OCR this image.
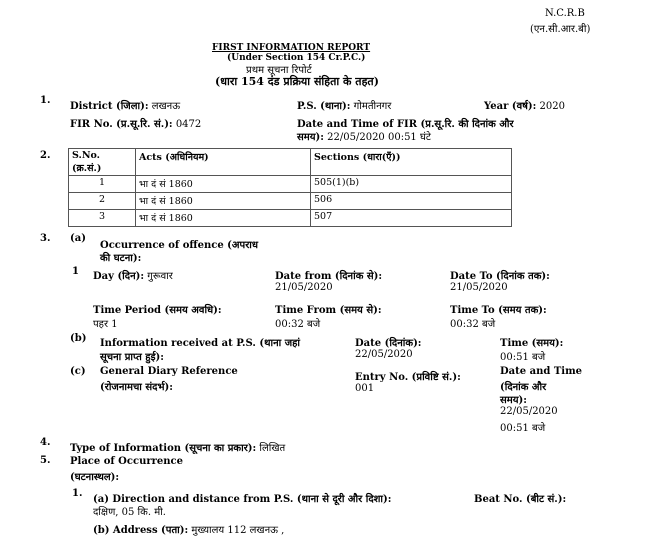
N.C.R.B
(एन.सी.आर.बी)
FIRST INFORMATION REPORT
(Under Section 154 Cr.P.C.)
प्रथम सूचना रिपोर्ट
(धारा 154 दंड प्रक्रिया संहिता के तहत)
1.
District (जिला): लखनऊ	P.S. (थाना): गोमतीनगर	Year (वर्ष): 2020
FIR No. (प्र.सू.रि. सं.): 0472	Date and Time of FIR (प्र.सू.रि. की दिनांक और
समय): 22/05/2020 00:51 घंटे
2. S.No.
(क्र.सं.)	Acts (अधिनियम)	Sections (धारा(एँ))
1	भा दं सं 1860	505(1)(b)
2	भा दं सं 1860	506
3	भा दं सं 1860	507
3. (a)
Occurrence of offence (अपराध
की घटना):
1 Day (दिन): गुरूवार	Date from (दिनांक से):
21/05/2020
Date To (दिनांक तक):
21/05/2020
Time Period (समय अवधि):
पहर 1
Time From (समय से):
00:32 बजे
Time To (समय तक):
00:32 बजे
(b) Information received at P.S. (थाना जहां
सूचना प्राप्त हुई):
Date (दिनांक):
22/05/2020
Time (समय):
00:51 बजे
(c) General Diary Reference
(रोजनामचा संदर्भ):
Entry No. (प्रविष्टि सं.):
001
Date and Time
(दिनांक और
समय):
22/05/2020
00:51 बजे
4.
Type of Information (सूचना का प्रकार): लिखित
5. Place of Occurrence
(घटनास्थल):
1.
(a) Direction and distance from P.S. (थाना से दूरी और दिशा):	Beat No. (बीट सं.):
दक्षिण, 05 कि. मी.
(b) Address (पता): मुख्यालय 112 लखनऊ ,
